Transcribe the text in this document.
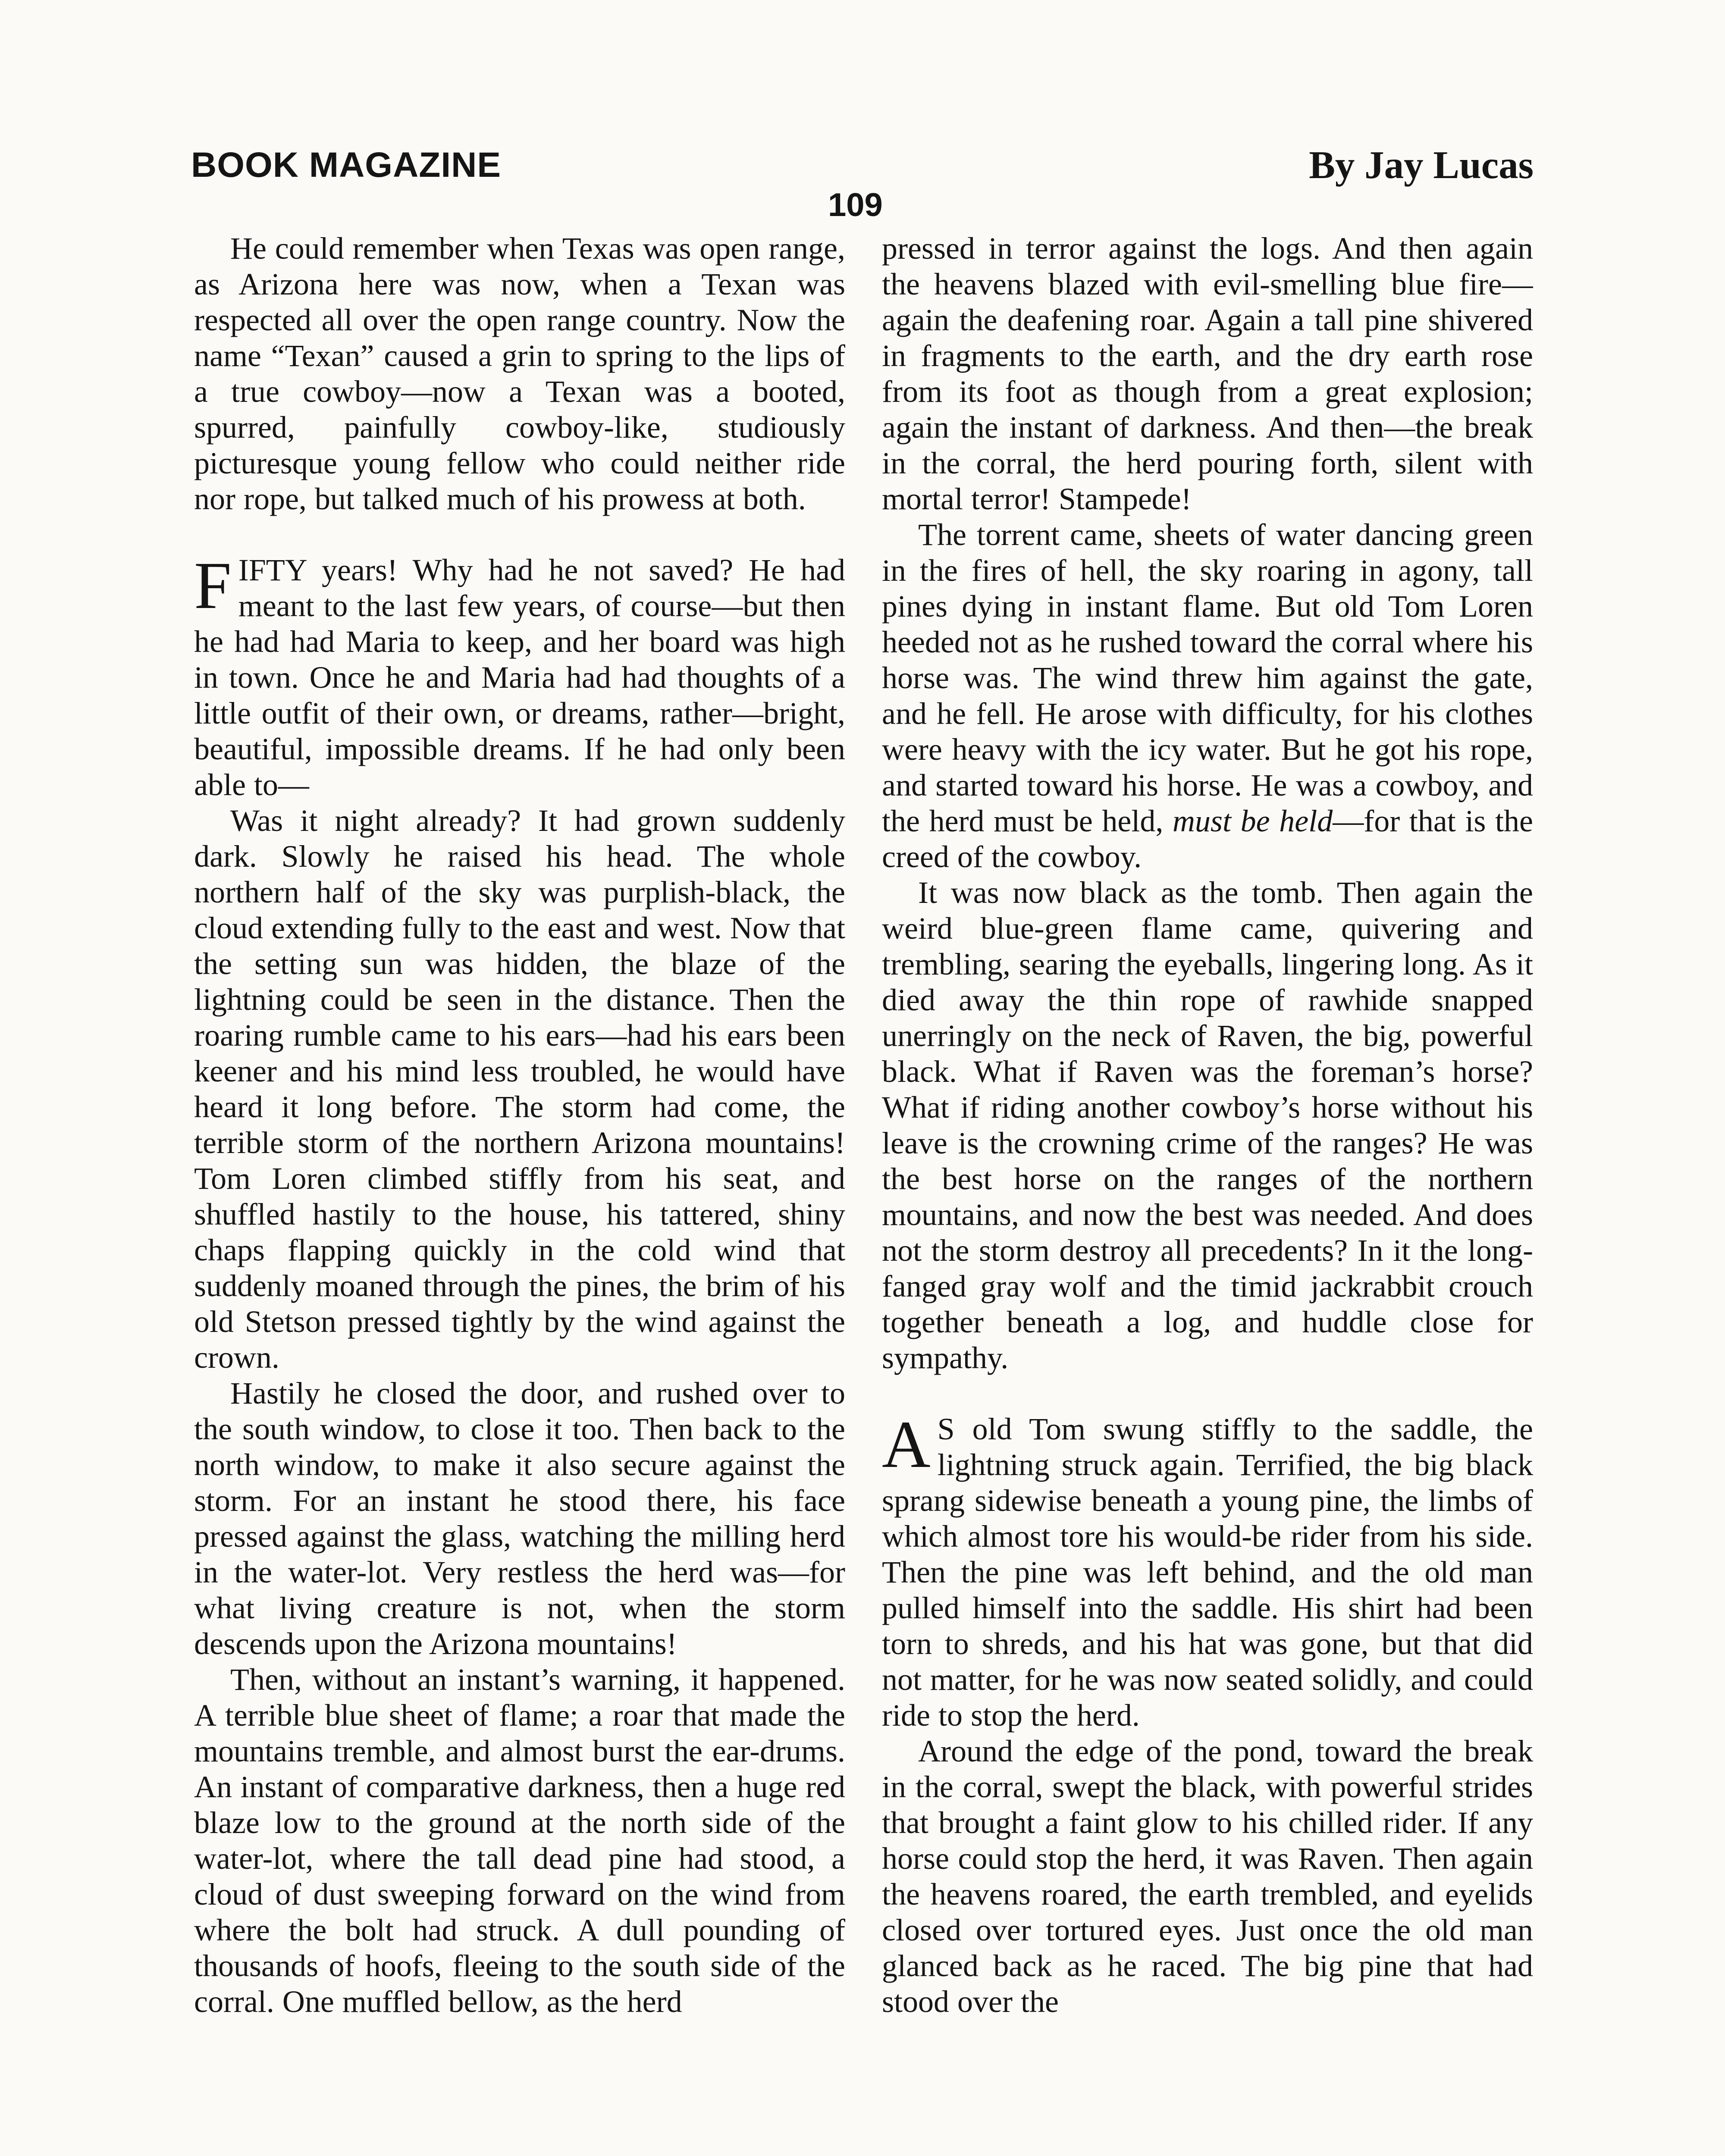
BOOK MAGAZINE
109
By Jay Lucas

He could remember when Texas was open range, as Arizona here was now, when a Texan was respected all over the open range country. Now the name “Texan” caused a grin to spring to the lips of a true cowboy—now a Texan was a booted, spurred, painfully cowboy-like, studiously picturesque young fellow who could neither ride nor rope, but talked much of his prowess at both.

FIFTY years! Why had he not saved? He had meant to the last few years, of course—but then he had had Maria to keep, and her board was high in town. Once he and Maria had had thoughts of a little outfit of their own, or dreams, rather—bright, beautiful, impossible dreams. If he had only been able to—

Was it night already? It had grown suddenly dark. Slowly he raised his head. The whole northern half of the sky was purplish-black, the cloud extending fully to the east and west. Now that the setting sun was hidden, the blaze of the lightning could be seen in the distance. Then the roaring rumble came to his ears—had his ears been keener and his mind less troubled, he would have heard it long before. The storm had come, the terrible storm of the northern Arizona mountains! Tom Loren climbed stiffly from his seat, and shuffled hastily to the house, his tattered, shiny chaps flapping quickly in the cold wind that suddenly moaned through the pines, the brim of his old Stetson pressed tightly by the wind against the crown.

Hastily he closed the door, and rushed over to the south window, to close it too. Then back to the north window, to make it also secure against the storm. For an instant he stood there, his face pressed against the glass, watching the milling herd in the water-lot. Very restless the herd was—for what living creature is not, when the storm descends upon the Arizona mountains!

Then, without an instant’s warning, it happened. A terrible blue sheet of flame; a roar that made the mountains tremble, and almost burst the ear-drums. An instant of comparative darkness, then a huge red blaze low to the ground at the north side of the water-lot, where the tall dead pine had stood, a cloud of dust sweeping forward on the wind from where the bolt had struck. A dull pounding of thousands of hoofs, fleeing to the south side of the corral. One muffled bellow, as the herd

pressed in terror against the logs. And then again the heavens blazed with evil-smelling blue fire—again the deafening roar. Again a tall pine shivered in fragments to the earth, and the dry earth rose from its foot as though from a great explosion; again the instant of darkness. And then—the break in the corral, the herd pouring forth, silent with mortal terror! Stampede!

The torrent came, sheets of water dancing green in the fires of hell, the sky roaring in agony, tall pines dying in instant flame. But old Tom Loren heeded not as he rushed toward the corral where his horse was. The wind threw him against the gate, and he fell. He arose with difficulty, for his clothes were heavy with the icy water. But he got his rope, and started toward his horse. He was a cowboy, and the herd must be held, must be held—for that is the creed of the cowboy.

It was now black as the tomb. Then again the weird blue-green flame came, quivering and trembling, searing the eyeballs, lingering long. As it died away the thin rope of rawhide snapped unerringly on the neck of Raven, the big, powerful black. What if Raven was the foreman’s horse? What if riding another cowboy’s horse without his leave is the crowning crime of the ranges? He was the best horse on the ranges of the northern mountains, and now the best was needed. And does not the storm destroy all precedents? In it the long-fanged gray wolf and the timid jackrabbit crouch together beneath a log, and huddle close for sympathy.

A S old Tom swung stiffly to the saddle, the lightning struck again. Terrified, the big black sprang sidewise beneath a young pine, the limbs of which almost tore his would-be rider from his side. Then the pine was left behind, and the old man pulled himself into the saddle. His shirt had been torn to shreds, and his hat was gone, but that did not matter, for he was now seated solidly, and could ride to stop the herd.

Around the edge of the pond, toward the break in the corral, swept the black, with powerful strides that brought a faint glow to his chilled rider. If any horse could stop the herd, it was Raven. Then again the heavens roared, the earth trembled, and eyelids closed over tortured eyes. Just once the old man glanced back as he raced. The big pine that had stood over the
